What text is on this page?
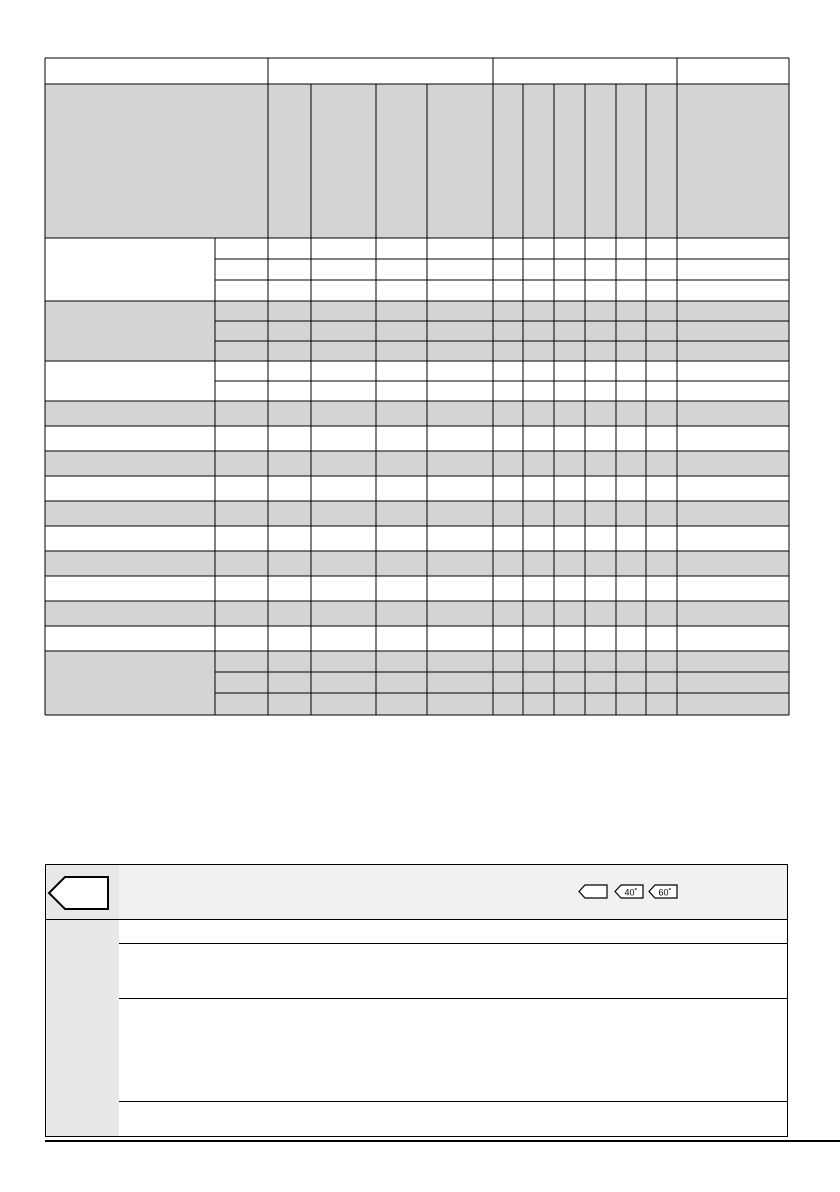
40˚ 60˚
